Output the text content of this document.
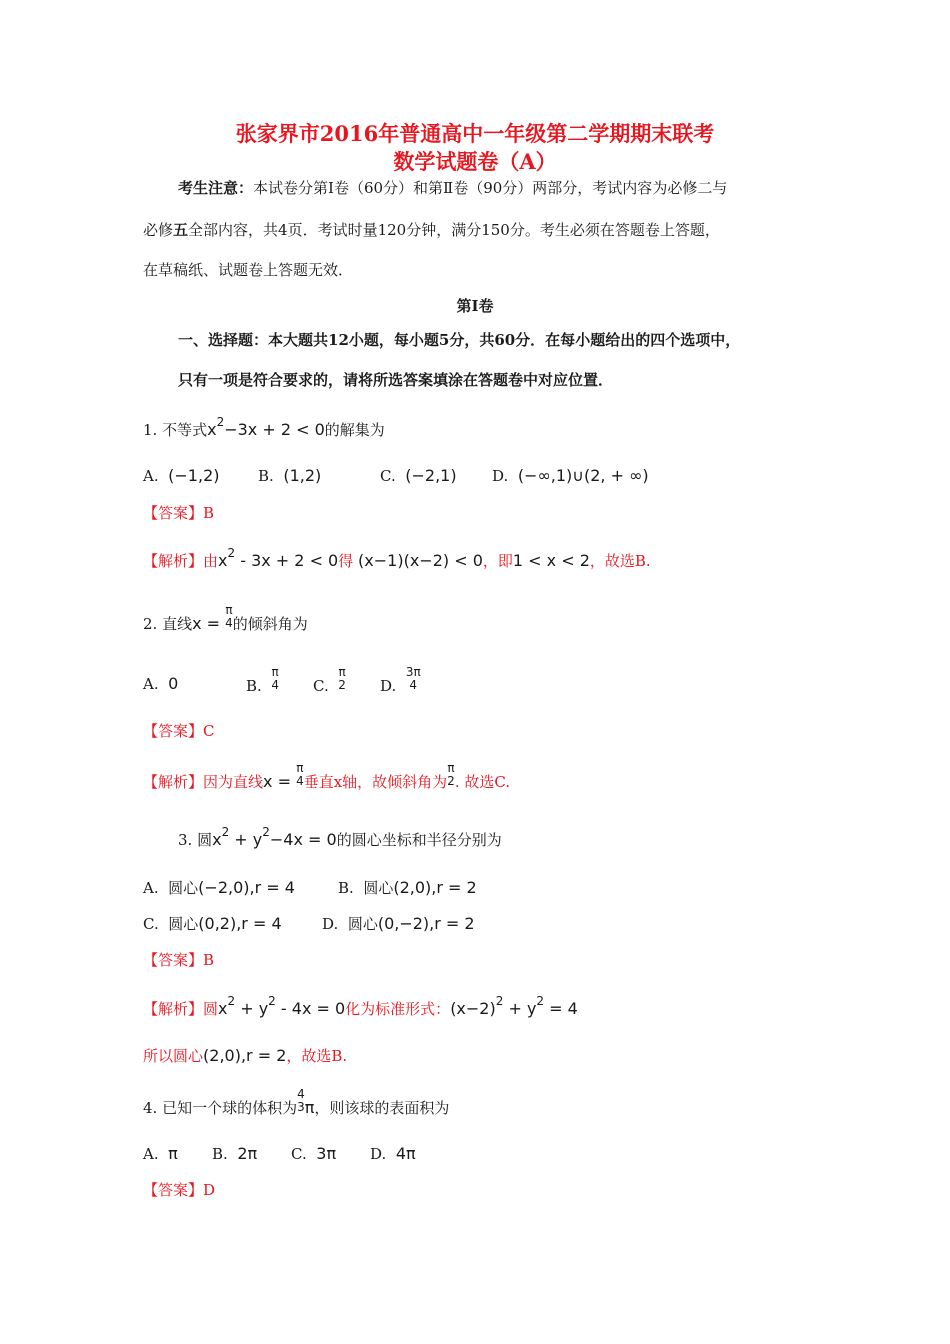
张家界市2016年普通高中一年级第二学期期末联考
数学试题卷（A）
考生注意：本试卷分第Ⅰ卷（60分）和第Ⅱ卷（90分）两部分，考试内容为必修二与
必修五全部内容，共4页．考试时量120分钟，满分150分。考生必须在答题卷上答题，
在草稿纸、试题卷上答题无效．
第Ⅰ卷
一、选择题：本大题共12小题，每小题5分，共60分．在每小题给出的四个选项中，
只有一项是符合要求的，请将所选答案填涂在答题卷中对应位置．
1. 不等式$x^2-3x + 2 < 0$的解集为
A. (−1,2)	B. (1,2)	C. (−2,1) D. (−∞,1)∪(2, + ∞)
【答案】B
【解析】由$x^2 - 3x + 2 < 0$得 (x−1)(x−2) < 0，即1 < x < 2，故选B.
2. 直线x =
π
4 的倾斜角为
A. 0	B.
π
4 C.
π
2 D.
3π
4
【答案】C
【解析】因为直线x =
π
4 垂直x轴，故倾斜角为
π
2 . 故选C.
3. 圆$x^2 + y^2-4x = 0$的圆心坐标和半径分别为
A. 圆心(−2,0),r = 4	B. 圆心(2,0),r = 2
C. 圆心(0,2),r = 4	D. 圆心(0,−2),r = 2
【答案】B
【解析】圆$x^2 + y^2 - 4x = 0$化为标准形式：$(x-2)^2 + y^2 = 4$
所以圆心(2,0),r = 2，故选B.
4. 已知一个球的体积为
4
3 π，则该球的表面积为
A. π B. 2π C. 3π D. 4π
【答案】D
